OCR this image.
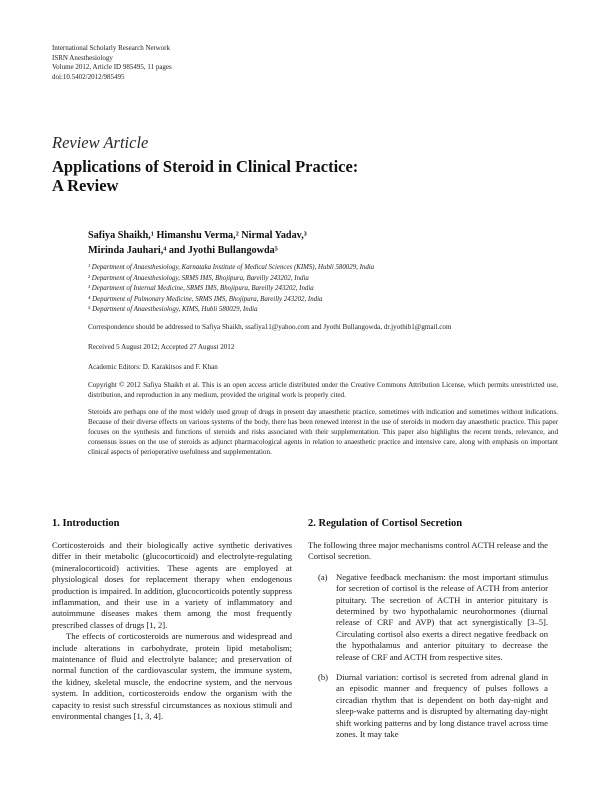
International Scholarly Research Network
ISRN Anesthesiology
Volume 2012, Article ID 985495, 11 pages
doi:10.5402/2012/985495
Review Article
Applications of Steroid in Clinical Practice:
A Review
Safiya Shaikh,¹ Himanshu Verma,² Nirmal Yadav,³
Mirinda Jauhari,⁴ and Jyothi Bullangowda⁵
¹ Department of Anaesthesiology, Karnataka Institute of Medical Sciences (KIMS), Hubli 580029, India
² Department of Anaesthesiology, SRMS IMS, Bhojipura, Bareilly 243202, India
³ Department of Internal Medicine, SRMS IMS, Bhojipura, Bareilly 243202, India
⁴ Department of Pulmonary Medicine, SRMS IMS, Bhojipura, Bareilly 243202, India
⁵ Department of Anaesthesiology, KIMS, Hubli 580029, India
Correspondence should be addressed to Safiya Shaikh, ssafiya11@yahoo.com and Jyothi Bullangowda, dr.jyothib1@gmail.com
Received 5 August 2012; Accepted 27 August 2012
Academic Editors: D. Karakitsos and F. Khan
Copyright © 2012 Safiya Shaikh et al. This is an open access article distributed under the Creative Commons Attribution License, which permits unrestricted use, distribution, and reproduction in any medium, provided the original work is properly cited.
Steroids are perhaps one of the most widely used group of drugs in present day anaesthetic practice, sometimes with indication and sometimes without indications. Because of their diverse effects on various systems of the body, there has been renewed interest in the use of steroids in modern day anaesthetic practice. This paper focuses on the synthesis and functions of steroids and risks associated with their supplementation. This paper also highlights the recent trends, relevance, and consensus issues on the use of steroids as adjunct pharmacological agents in relation to anaesthetic practice and intensive care, along with emphasis on important clinical aspects of perioperative usefulness and supplementation.
1. Introduction

Corticosteroids and their biologically active synthetic derivatives differ in their metabolic (glucocorticoid) and electrolyte-regulating (mineralocorticoid) activities. These agents are employed at physiological doses for replacement therapy when endogenous production is impaired. In addition, glucocorticoids potently suppress inflammation, and their use in a variety of inflammatory and autoimmune diseases makes them among the most frequently prescribed classes of drugs [1, 2].

The effects of corticosteroids are numerous and widespread and include alterations in carbohydrate, protein lipid metabolism; maintenance of fluid and electrolyte balance; and preservation of normal function of the cardiovascular system, the immune system, the kidney, skeletal muscle, the endocrine system, and the nervous system. In addition, corticosteroids endow the organism with the capacity to resist such stressful circumstances as noxious stimuli and environmental changes [1, 3, 4].

2. Regulation of Cortisol Secretion

The following three major mechanisms control ACTH release and the Cortisol secretion.

(a) Negative feedback mechanism: the most important stimulus for secretion of cortisol is the release of ACTH from anterior pituitary. The secretion of ACTH in anterior pituitary is determined by two hypothalamic neurohormones (diurnal release of CRF and AVP) that act synergistically [3–5]. Circulating cortisol also exerts a direct negative feedback on the hypothalamus and anterior pituitary to decrease the release of CRF and ACTH from respective sites.

(b) Diurnal variation: cortisol is secreted from adrenal gland in an episodic manner and frequency of pulses follows a circadian rhythm that is dependent on both day-night and sleep-wake patterns and is disrupted by alternating day-night shift working patterns and by long distance travel across time zones. It may take
